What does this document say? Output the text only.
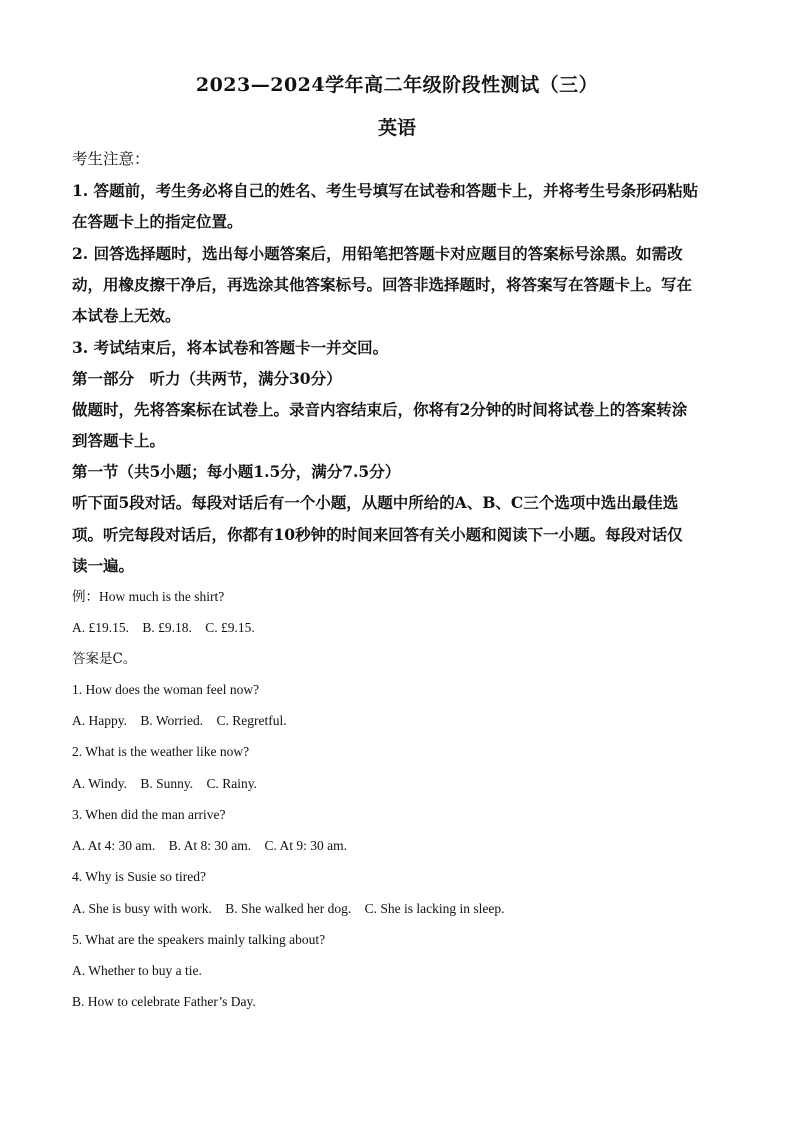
2023—2024学年高二年级阶段性测试（三）
英语
考生注意：
1. 答题前，考生务必将自己的姓名、考生号填写在试卷和答题卡上，并将考生号条形码粘贴
在答题卡上的指定位置。
2. 回答选择题时，选出每小题答案后，用铅笔把答题卡对应题目的答案标号涂黑。如需改
动，用橡皮擦干净后，再选涂其他答案标号。回答非选择题时，将答案写在答题卡上。写在
本试卷上无效。
3. 考试结束后，将本试卷和答题卡一并交回。
第一部分　听力（共两节，满分30分）
做题时，先将答案标在试卷上。录音内容结束后，你将有2分钟的时间将试卷上的答案转涂
到答题卡上。
第一节（共5小题；每小题1.5分，满分7.5分）
听下面5段对话。每段对话后有一个小题，从题中所给的A、B、C三个选项中选出最佳选
项。听完每段对话后，你都有10秒钟的时间来回答有关小题和阅读下一小题。每段对话仅
读一遍。
例：How much is the shirt?
A. £19.15. B. £9.18. C. £9.15.
答案是C。
1. How does the woman feel now?
A. Happy. B. Worried. C. Regretful.
2. What is the weather like now?
A. Windy. B. Sunny. C. Rainy.
3. When did the man arrive?
A. At 4: 30 am. B. At 8: 30 am. C. At 9: 30 am.
4. Why is Susie so tired?
A. She is busy with work. B. She walked her dog. C. She is lacking in sleep.
5. What are the speakers mainly talking about?
A. Whether to buy a tie.
B. How to celebrate Father’s Day.
